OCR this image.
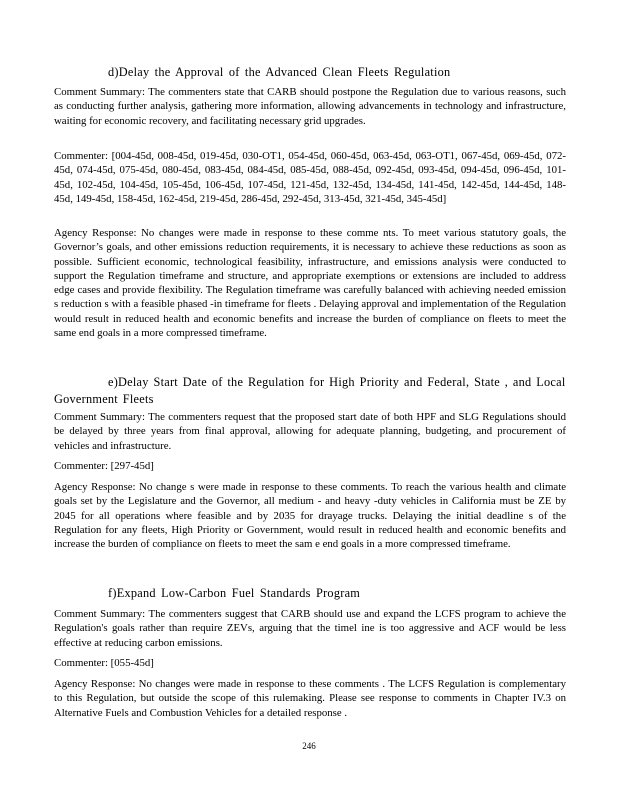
d)Delay the Approval of the Advanced Clean Fleets Regulation

Comment Summary: The commenters state that CARB should postpone the Regulation due to various reasons, such as conducting further analysis, gathering more information, allowing advancements in technology and infrastructure, waiting for economic recovery, and facilitating necessary grid upgrades.

Commenter: [004-45d, 008-45d, 019-45d, 030-OT1, 054-45d, 060-45d, 063-45d, 063-OT1, 067-45d, 069-45d, 072-45d, 074-45d, 075-45d, 080-45d, 083-45d, 084-45d, 085-45d, 088-45d, 092-45d, 093-45d, 094-45d, 096-45d, 101-45d, 102-45d, 104-45d, 105-45d, 106-45d, 107-45d, 121-45d, 132-45d, 134-45d, 141-45d, 142-45d, 144-45d, 148-45d, 149-45d, 158-45d, 162-45d, 219-45d, 286-45d, 292-45d, 313-45d, 321-45d, 345-45d]

Agency Response: No changes were made in response to these comme nts. To meet various statutory goals, the Governor’s goals, and other emissions reduction requirements, it is necessary to achieve these reductions as soon as possible. Sufficient economic, technological feasibility, infrastructure, and emissions analysis were conducted to support the Regulation timeframe and structure, and appropriate exemptions or extensions are included to address edge cases and provide flexibility. The Regulation timeframe was carefully balanced with achieving needed emission s reduction s with a feasible phased -in timeframe for fleets . Delaying approval and implementation of the Regulation would result in reduced health and economic benefits and increase the burden of compliance on fleets to meet the same end goals in a more compressed timeframe.

e)Delay Start Date of the Regulation for High Priority and Federal, State , and Local Government Fleets

Comment Summary: The commenters request that the proposed start date of both HPF and SLG Regulations should be delayed by three years from final approval, allowing for adequate planning, budgeting, and procurement of vehicles and infrastructure.

Commenter: [297-45d]

Agency Response: No change s were made in response to these comments. To reach the various health and climate goals set by the Legislature and the Governor, all medium - and heavy -duty vehicles in California must be ZE by 2045 for all operations where feasible and by 2035 for drayage trucks. Delaying the initial deadline s of the Regulation for any fleets, High Priority or Government, would result in reduced health and economic benefits and increase the burden of compliance on fleets to meet the sam e end goals in a more compressed timeframe.

f)Expand Low-Carbon Fuel Standards Program

Comment Summary: The commenters suggest that CARB should use and expand the LCFS program to achieve the Regulation's goals rather than require ZEVs, arguing that the timel ine is too aggressive and ACF would be less effective at reducing carbon emissions.

Commenter: [055-45d]

Agency Response: No changes were made in response to these comments . The LCFS Regulation is complementary to this Regulation, but outside the scope of this rulemaking. Please see response to comments in Chapter IV.3 on Alternative Fuels and Combustion Vehicles for a detailed response .

246
